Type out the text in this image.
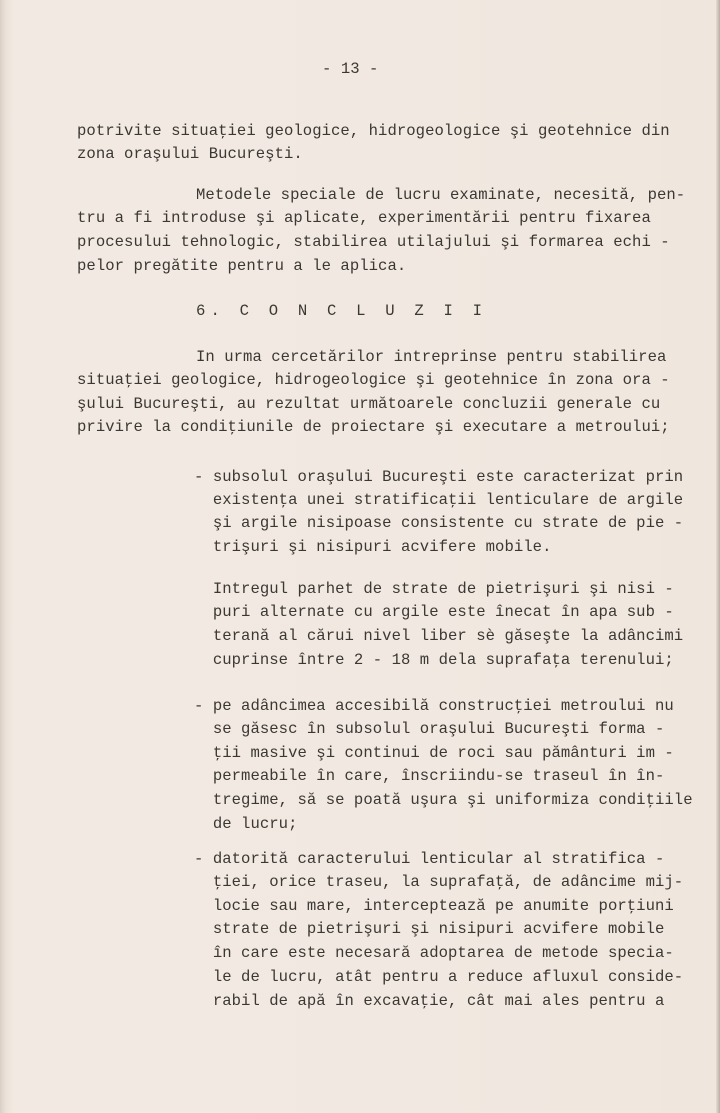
- 13 -
potrivite situaţiei geologice, hidrogeologice şi geotehnice din
zona oraşului Bucureşti.
Metodele speciale de lucru examinate, necesită, pen-
tru a fi introduse şi aplicate, experimentării pentru fixarea
procesului tehnologic, stabilirea utilajului şi formarea echi -
pelor pregătite pentru a le aplica.
6. C O N C L U Z I I
In urma cercetărilor intreprinse pentru stabilirea
situaţiei geologice, hidrogeologice şi geotehnice în zona ora -
şului Bucureşti, au rezultat următoarele concluzii generale cu
privire la condiţiunile de proiectare şi executare a metroului;
- subsolul oraşului Bucureşti este caracterizat prin
existenţa unei stratificaţii lenticulare de argile
şi argile nisipoase consistente cu strate de pie -
trişuri şi nisipuri acvifere mobile.
Intregul parhet de strate de pietrişuri şi nisi -
puri alternate cu argile este înecat în apa sub -
terană al cărui nivel liber sè găseşte la adâncimi
cuprinse între 2 - 18 m dela suprafaţa terenului;
- pe adâncimea accesibilă construcţiei metroului nu
se găsesc în subsolul oraşului Bucureşti forma -
ţii masive şi continui de roci sau pământuri im -
permeabile în care, înscriindu-se traseul în în-
tregime, să se poată uşura şi uniformiza condiţiile
de lucru;
- datorită caracterului lenticular al stratifica -
ţiei, orice traseu, la suprafaţă, de adâncime mij-
locie sau mare, interceptează pe anumite porţiuni
strate de pietrişuri şi nisipuri acvifere mobile
în care este necesară adoptarea de metode specia-
le de lucru, atât pentru a reduce afluxul conside-
rabil de apă în excavaţie, cât mai ales pentru a
